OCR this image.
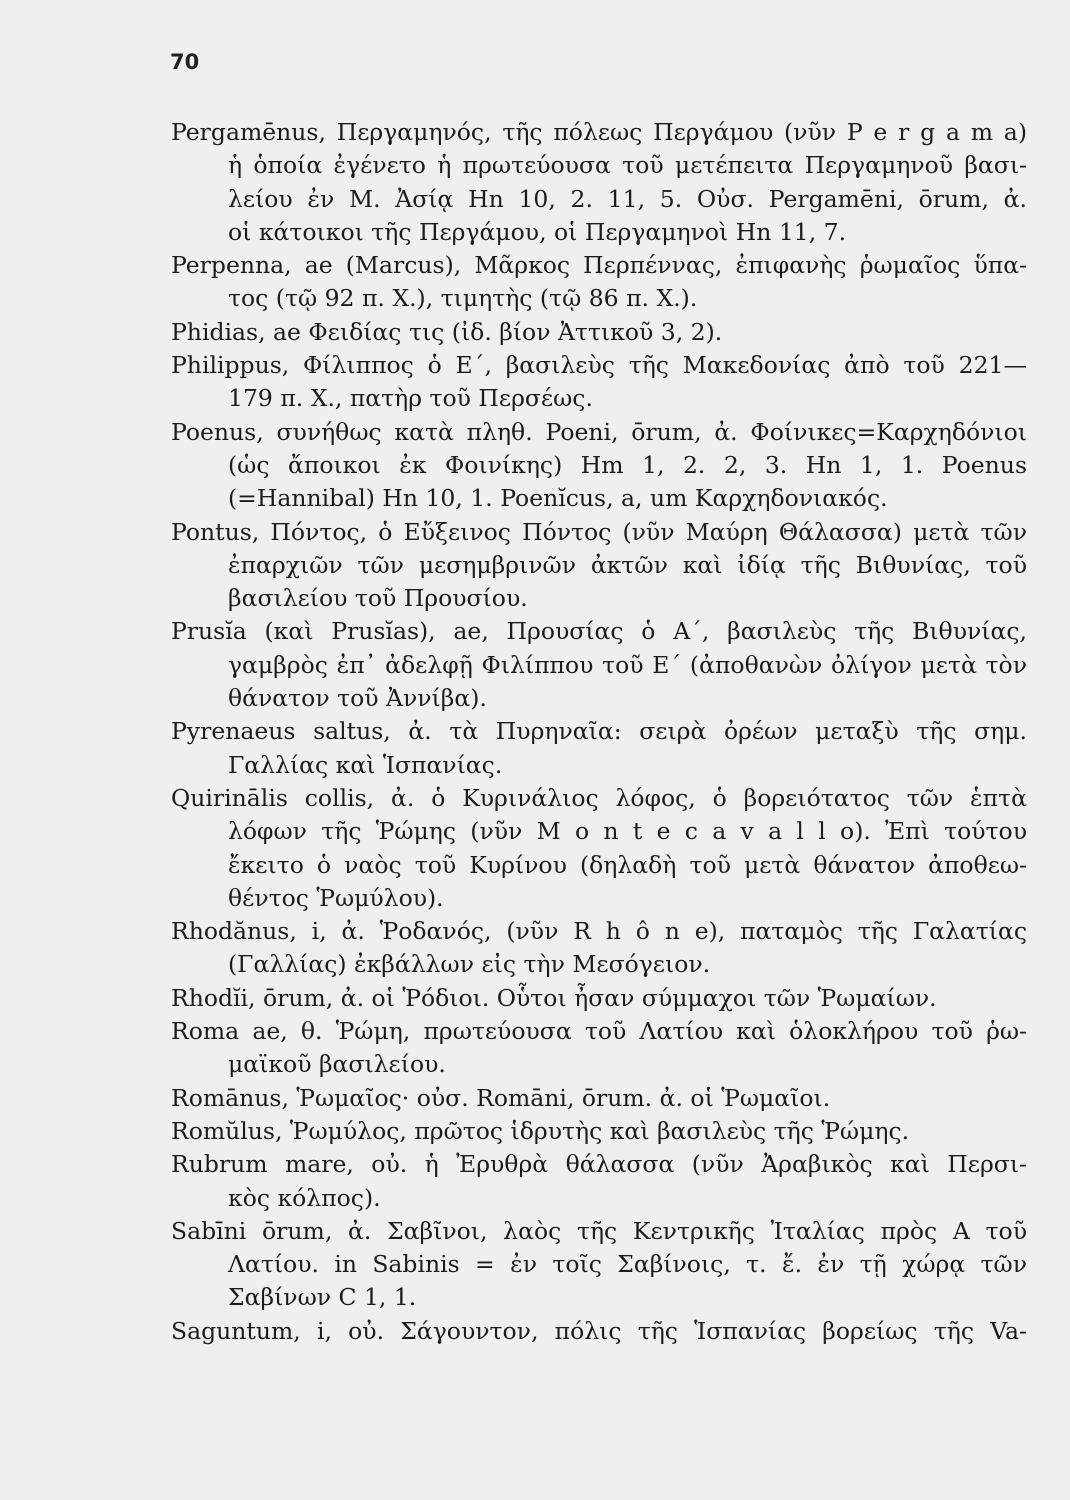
70
Pergamēnus, Περγαμηνός, τῆς πόλεως Περγάμου (νῦν P e r g a m a)
ἡ ὁποία ἐγένετο ἡ πρωτεύουσα τοῦ μετέπειτα Περγαμηνοῦ βασι-
λείου ἐν Μ. Ἀσίᾳ Hn 10, 2. 11, 5. Οὐσ. Pergamēni, ōrum, ἀ.
οἱ κάτοικοι τῆς Περγάμου, οἱ Περγαμηνοὶ Hn 11, 7.
Perpenna, ae (Marcus), Μᾶρκος Περπέννας, ἐπιφανὴς ῥωμαῖος ὕπα-
τος (τῷ 92 π. Χ.), τιμητὴς (τῷ 86 π. Χ.).
Phidias, ae Φειδίας τις (ἰδ. βίον Ἀττικοῦ 3, 2).
Philippus, Φίλιππος ὁ Ε΄, βασιλεὺς τῆς Μακεδονίας ἀπὸ τοῦ 221—
179 π. Χ., πατὴρ τοῦ Περσέως.
Poenus, συνήθως κατὰ πληθ. Poeni, ōrum, ἀ. Φοίνικες=Καρχηδόνιοι
(ὡς ἄποικοι ἐκ Φοινίκης) Hm 1, 2. 2, 3. Hn 1, 1. Poenus
(=Hannibal) Hn 10, 1. Poenĭcus, a, um Καρχηδονιακός.
Pontus, Πόντος, ὁ Εὔξεινος Πόντος (νῦν Μαύρη Θάλασσα) μετὰ τῶν
ἐπαρχιῶν τῶν μεσημβρινῶν ἀκτῶν καὶ ἰδίᾳ τῆς Βιθυνίας, τοῦ
βασιλείου τοῦ Προυσίου.
Prusĭa (καὶ Prusĭas), ae, Προυσίας ὁ Α΄, βασιλεὺς τῆς Βιθυνίας,
γαμβρὸς ἐπ᾽ ἀδελφῇ Φιλίππου τοῦ Ε΄ (ἀποθανὼν ὀλίγον μετὰ τὸν
θάνατον τοῦ Ἀννίβα).
Pyrenaeus saltus, ἀ. τὰ Πυρηναῖα: σειρὰ ὀρέων μεταξὺ τῆς σημ.
Γαλλίας καὶ Ἱσπανίας.
Quirinālis collis, ἀ. ὁ Κυρινάλιος λόφος, ὁ βορειότατος τῶν ἑπτὰ
λόφων τῆς Ῥώμης (νῦν M o n t e c a v a l l o). Ἐπὶ τούτου
ἔκειτο ὁ ναὸς τοῦ Κυρίνου (δηλαδὴ τοῦ μετὰ θάνατον ἀποθεω-
θέντος Ῥωμύλου).
Rhodănus, i, ἀ. Ῥοδανός, (νῦν R h ô n e), παταμὸς τῆς Γαλατίας
(Γαλλίας) ἐκβάλλων εἰς τὴν Μεσόγειον.
Rhodĭi, ōrum, ἀ. οἱ Ῥόδιοι. Οὗτοι ἦσαν σύμμαχοι τῶν Ῥωμαίων.
Roma ae, θ. Ῥώμη, πρωτεύουσα τοῦ Λατίου καὶ ὁλοκλήρου τοῦ ῥω-
μαϊκοῦ βασιλείου.
Romānus, Ῥωμαῖος· οὐσ. Romāni, ōrum. ἀ. οἱ Ῥωμαῖοι.
Romŭlus, Ῥωμύλος, πρῶτος ἱδρυτὴς καὶ βασιλεὺς τῆς Ῥώμης.
Rubrum mare, οὐ. ἡ Ἐρυθρὰ θάλασσα (νῦν Ἀραβικὸς καὶ Περσι-
κὸς κόλπος).
Sabīni ōrum, ἀ. Σαβῖνοι, λαὸς τῆς Κεντρικῆς Ἰταλίας πρὸς Α τοῦ
Λατίου. in Sabinis = ἐν τοῖς Σαβίνοις, τ. ἔ. ἐν τῇ χώρᾳ τῶν
Σαβίνων C 1, 1.
Saguntum, i, οὐ. Σάγουντον, πόλις τῆς Ἱσπανίας βορείως τῆς Va-
